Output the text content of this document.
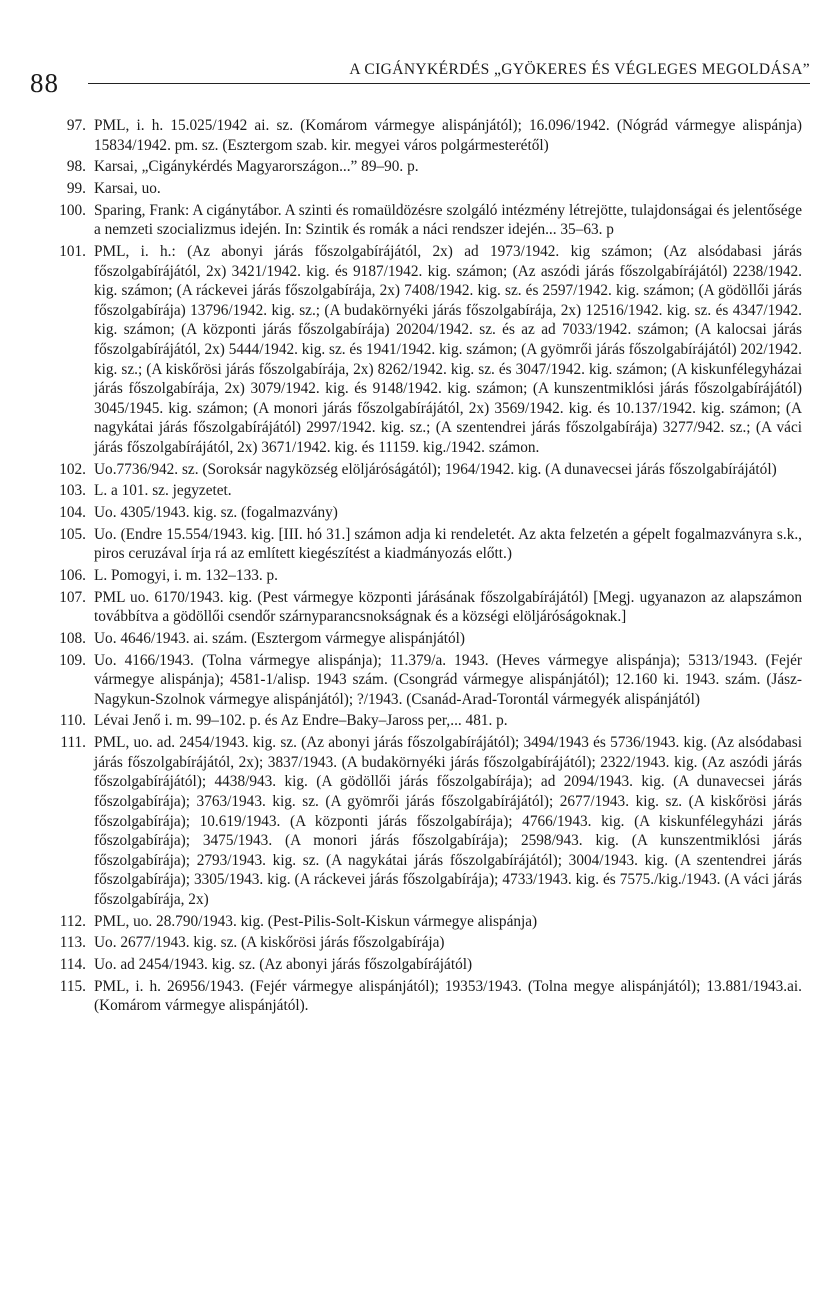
88	A CIGÁNYKÉRDÉS „GYÖKERES ÉS VÉGLEGES MEGOLDÁSA”
97. PML, i. h. 15.025/1942 ai. sz. (Komárom vármegye alispánjától); 16.096/1942. (Nógrád vármegye alispánja) 15834/1942. pm. sz. (Esztergom szab. kir. megyei város polgármesterétől)
98. Karsai, „Cigánykérdés Magyarországon...” 89–90. p.
99. Karsai, uo.
100. Sparing, Frank: A cigánytábor. A szinti és romaüldözésre szolgáló intézmény létrejötte, tulajdonságai és jelentősége a nemzeti szocializmus idején. In: Szintik és romák a náci rendszer idején... 35–63. p
101. PML, i. h.: (Az abonyi járás főszolgabírájától, 2x) ad 1973/1942. kig számon; (Az alsódabasi járás főszolgabírájától, 2x) 3421/1942. kig. és 9187/1942. kig. számon; (Az aszódi járás főszolgabírájától) 2238/1942. kig. számon; (A ráckevei járás főszolgabírája, 2x) 7408/1942. kig. sz. és 2597/1942. kig. számon; (A gödöllői járás főszolgabírája) 13796/1942. kig. sz.; (A budakörnyéki járás főszolgabírája, 2x) 12516/1942. kig. sz. és 4347/1942. kig. számon; (A központi járás főszolgabírája) 20204/1942. sz. és az ad 7033/1942. számon; (A kalocsai járás főszolgabírájától, 2x) 5444/1942. kig. sz. és 1941/1942. kig. számon; (A gyömrői járás főszolgabírájától) 202/1942. kig. sz.; (A kiskőrösi járás főszolgabírája, 2x) 8262/1942. kig. sz. és 3047/1942. kig. számon; (A kiskunfélegyházai járás főszolgabírája, 2x) 3079/1942. kig. és 9148/1942. kig. számon; (A kunszentmiklósi járás főszolgabírájától) 3045/1945. kig. számon; (A monori járás főszolgabírájától, 2x) 3569/1942. kig. és 10.137/1942. kig. számon; (A nagykátai járás főszolgabírájától) 2997/1942. kig. sz.; (A szentendrei járás főszolgabírája) 3277/942. sz.; (A váci járás főszolgabírájától, 2x) 3671/1942. kig. és 11159. kig./1942. számon.
102. Uo.7736/942. sz. (Soroksár nagyközség elöljáróságától); 1964/1942. kig. (A dunavecsei járás főszolgabírájától)
103. L. a 101. sz. jegyzetet.
104. Uo. 4305/1943. kig. sz. (fogalmazvány)
105. Uo. (Endre 15.554/1943. kig. [III. hó 31.] számon adja ki rendeletét. Az akta felzetén a gépelt fogalmazványra s.k., piros ceruzával írja rá az említett kiegészítést a kiadmányozás előtt.)
106. L. Pomogyi, i. m. 132–133. p.
107. PML uo. 6170/1943. kig. (Pest vármegye központi járásának főszolgabírájától) [Megj. ugyanazon az alapszámon továbbítva a gödöllői csendőr szárnyparancsnokságnak és a községi elöljáróságoknak.]
108. Uo. 4646/1943. ai. szám. (Esztergom vármegye alispánjától)
109. Uo. 4166/1943. (Tolna vármegye alispánja); 11.379/a. 1943. (Heves vármegye alispánja); 5313/1943. (Fejér vármegye alispánja); 4581-1/alisp. 1943 szám. (Csongrád vármegye alispánjától); 12.160 ki. 1943. szám. (Jász-Nagykun-Szolnok vármegye alispánjától); ?/1943. (Csanád-Arad-Torontál vármegyék alispánjától)
110. Lévai Jenő i. m. 99–102. p. és Az Endre–Baky–Jaross per,... 481. p.
111. PML, uo. ad. 2454/1943. kig. sz. (Az abonyi járás főszolgabírájától); 3494/1943 és 5736/1943. kig. (Az alsódabasi járás főszolgabírájától, 2x); 3837/1943. (A budakörnyéki járás főszolgabírájától); 2322/1943. kig. (Az aszódi járás főszolgabírájától); 4438/943. kig. (A gödöllői járás főszolgabírája); ad 2094/1943. kig. (A dunavecsei járás főszolgabírája); 3763/1943. kig. sz. (A gyömrői járás főszolgabírájától); 2677/1943. kig. sz. (A kiskőrösi járás főszolgabírája); 10.619/1943. (A központi járás főszolgabírája); 4766/1943. kig. (A kiskunfélegyházi járás főszolgabírája); 3475/1943. (A monori járás főszolgabírája); 2598/943. kig. (A kunszentmiklósi járás főszolgabírája); 2793/1943. kig. sz. (A nagykátai járás főszolgabírájától); 3004/1943. kig. (A szentendrei járás főszolgabírája); 3305/1943. kig. (A ráckevei járás főszolgabírája); 4733/1943. kig. és 7575./kig./1943. (A váci járás főszolgabírája, 2x)
112. PML, uo. 28.790/1943. kig. (Pest-Pilis-Solt-Kiskun vármegye alispánja)
113. Uo. 2677/1943. kig. sz. (A kiskőrösi járás főszolgabírája)
114. Uo. ad 2454/1943. kig. sz. (Az abonyi járás főszolgabírájától)
115. PML, i. h. 26956/1943. (Fejér vármegye alispánjától); 19353/1943. (Tolna megye alispánjától); 13.881/1943.ai. (Komárom vármegye alispánjától).
